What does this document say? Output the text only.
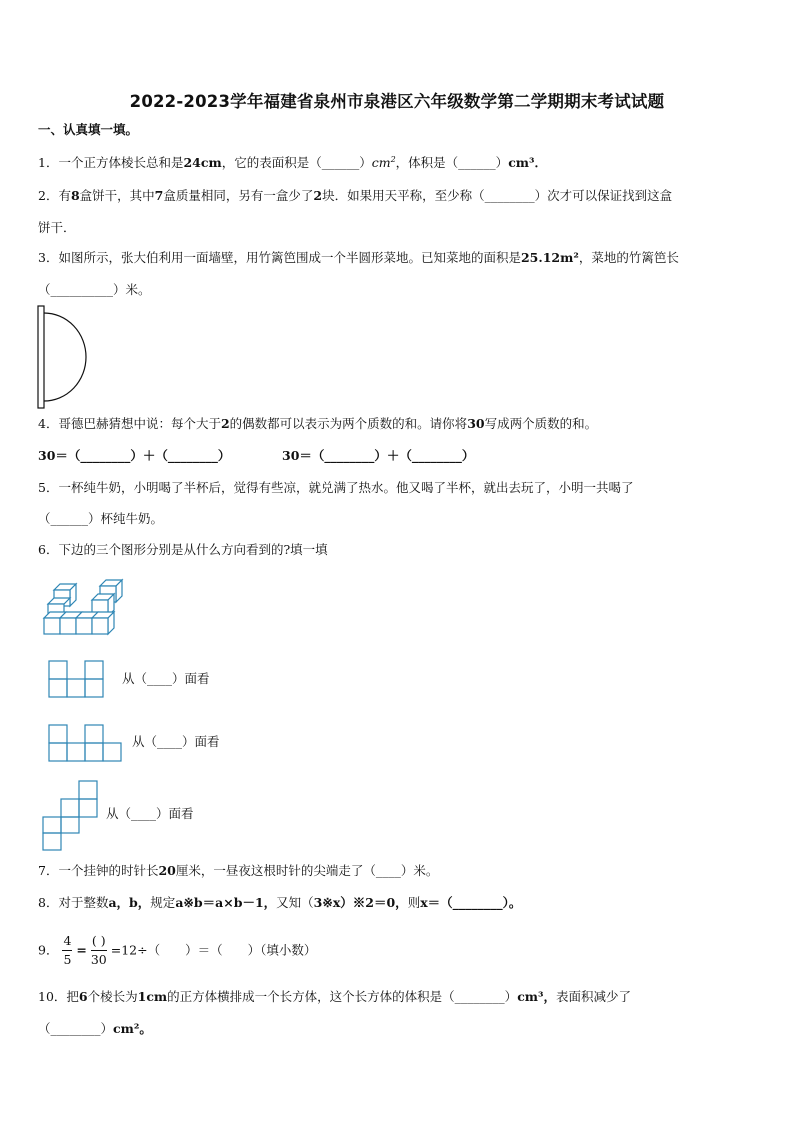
2022-2023学年福建省泉州市泉港区六年级数学第二学期期末考试试题
一、认真填一填。
1．一个正方体棱长总和是24cm，它的表面积是$(\_\_\_\_\_\_)cm^2$，体积是（______）cm³．
2．有8盒饼干，其中7盒质量相同，另有一盒少了2块．如果用天平称，至少称（________）次才可以保证找到这盒
饼干．
3．如图所示，张大伯利用一面墙壁，用竹篱笆围成一个半圆形菜地。已知菜地的面积是25.12m²，菜地的竹篱笆长
（__________）米。
4．哥德巴赫猜想中说：每个大于2的偶数都可以表示为两个质数的和。请你将30写成两个质数的和。
30＝（________）＋（________）	30＝（________）＋（________）
5．一杯纯牛奶，小明喝了半杯后，觉得有些凉，就兑满了热水。他又喝了半杯，就出去玩了，小明一共喝了
（______）杯纯牛奶。
6．下边的三个图形分别是从什么方向看到的?填一填
从（____）面看
从（____）面看
从（____）面看
7．一个挂钟的时针长20厘米，一昼夜这根时针的尖端走了（____）米。
8．对于整数a，b，规定a※b＝a×b－1，又知（3※x）※2＝0，则x＝（________）。
9． $\frac{4}{5} = \frac{( )}{30} =12\div$（　　）＝（　　）（填小数）
10．把6个棱长为1cm的正方体横排成一个长方体，这个长方体的体积是（________）cm³，表面积减少了
（________）cm²。
